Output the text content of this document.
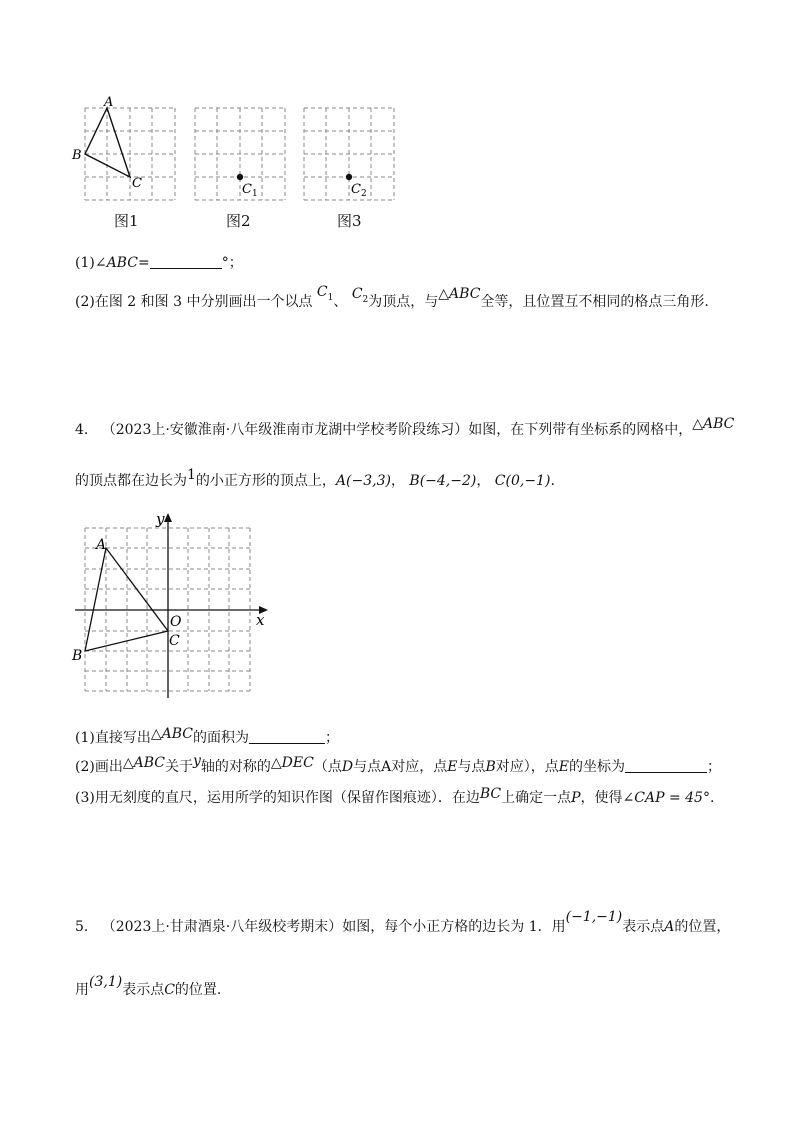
A
B
C
图1
$C_1$
图2
$C_2$
图3
(1)∠ABC=	°；
(2)在图 2 和图 3 中分别画出一个以点 $C_1$、 $C_2$为顶点，与△ABC全等，且位置互不相同的格点三角形.
4. （2023上·安徽淮南·八年级淮南市龙湖中学校考阶段练习）如图，在下列带有坐标系的网格中，△ABC
的顶点都在边长为1的小正方形的顶点上，A(−3,3)， B(−4,−2)， C(0,−1).
x
y
O
A
B
C
(1)直接写出△ABC的面积为	；
(2)画出△ABC关于y轴的对称的△DEC（点D与点A对应，点E与点B对应），点E的坐标为	；
(3)用无刻度的直尺，运用所学的知识作图（保留作图痕迹）．在边BC上确定一点P，使得∠CAP = 45°.
5. （2023上·甘肃酒泉·八年级校考期末）如图，每个小正方格的边长为 1．用(−1,−1)表示点A的位置，
用(3,1)表示点C的位置.
